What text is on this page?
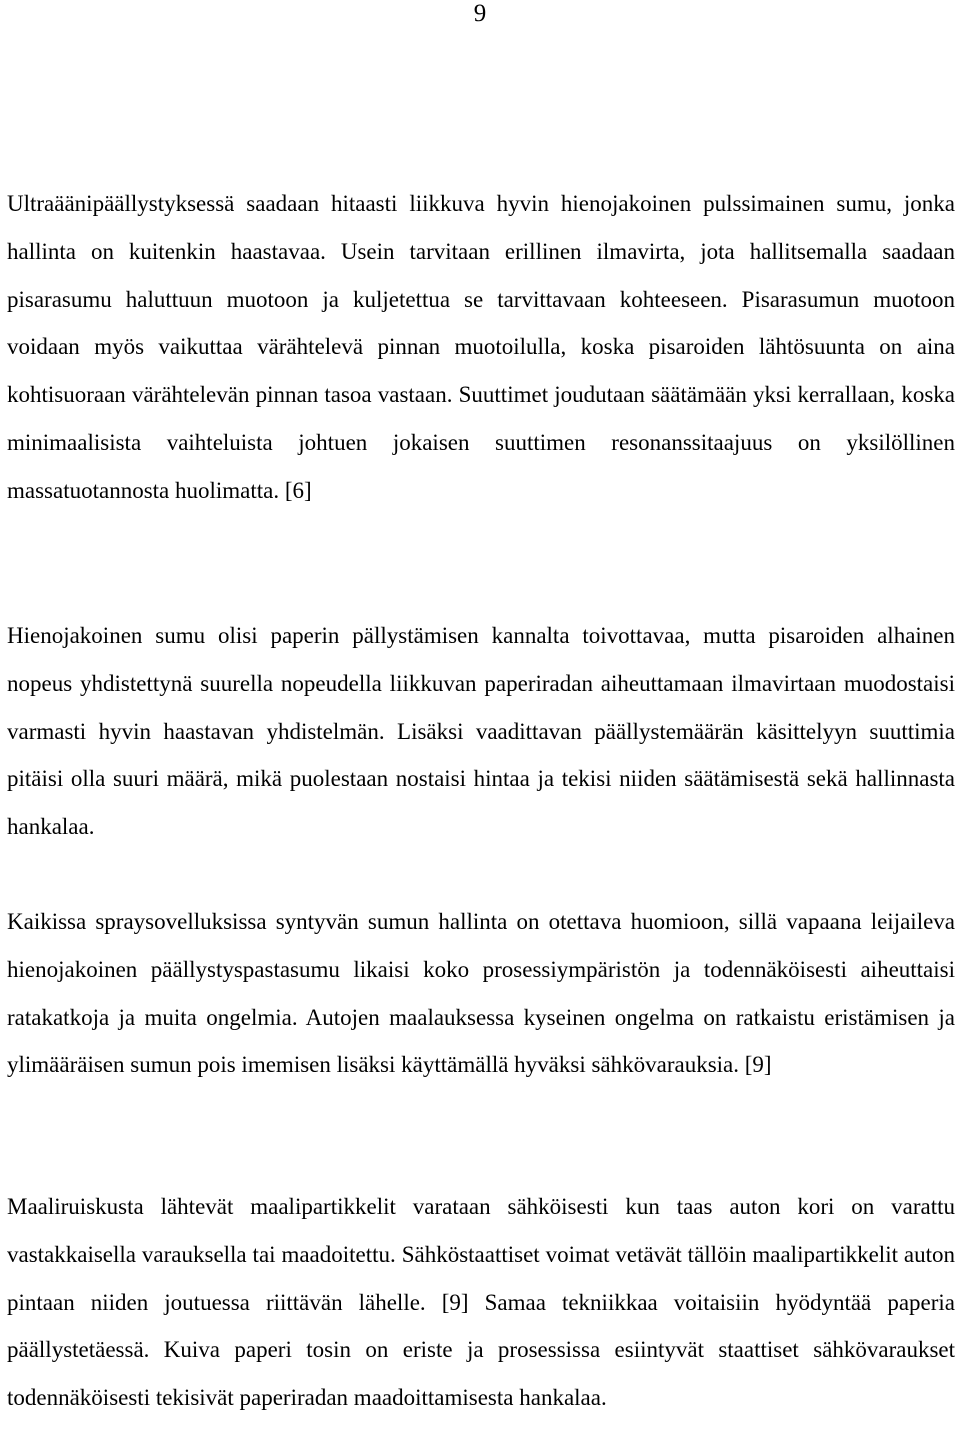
9

Ultraäänipäällystyksessä saadaan hitaasti liikkuva hyvin hienojakoinen pulssimainen sumu, jonka hallinta on kuitenkin haastavaa. Usein tarvitaan erillinen ilmavirta, jota hallitsemalla saadaan pisarasumu haluttuun muotoon ja kuljetettua se tarvittavaan kohteeseen. Pisarasumun muotoon voidaan myös vaikuttaa värähtelevä pinnan muotoilulla, koska pisaroiden lähtösuunta on aina kohtisuoraan värähtelevän pinnan tasoa vastaan. Suuttimet joudutaan säätämään yksi kerrallaan, koska minimaalisista vaihteluista johtuen jokaisen suuttimen resonanssitaajuus on yksilöllinen massatuotannosta huolimatta. [6]

Hienojakoinen sumu olisi paperin pällystämisen kannalta toivottavaa, mutta pisaroiden alhainen nopeus yhdistettynä suurella nopeudella liikkuvan paperiradan aiheuttamaan ilmavirtaan muodostaisi varmasti hyvin haastavan yhdistelmän. Lisäksi vaadittavan päällystemäärän käsittelyyn suuttimia pitäisi olla suuri määrä, mikä puolestaan nostaisi hintaa ja tekisi niiden säätämisestä sekä hallinnasta hankalaa.

Kaikissa spraysovelluksissa syntyvän sumun hallinta on otettava huomioon, sillä vapaana leijaileva hienojakoinen päällystyspastasumu likaisi koko prosessiympäristön ja todennäköisesti aiheuttaisi ratakatkoja ja muita ongelmia. Autojen maalauksessa kyseinen ongelma on ratkaistu eristämisen ja ylimääräisen sumun pois imemisen lisäksi käyttämällä hyväksi sähkövarauksia. [9]

Maaliruiskusta lähtevät maalipartikkelit varataan sähköisesti kun taas auton kori on varattu vastakkaisella varauksella tai maadoitettu. Sähköstaattiset voimat vetävät tällöin maalipartikkelit auton pintaan niiden joutuessa riittävän lähelle. [9] Samaa tekniikkaa voitaisiin hyödyntää paperia päällystetäessä. Kuiva paperi tosin on eriste ja prosessissa esiintyvät staattiset sähkövaraukset todennäköisesti tekisivät paperiradan maadoittamisesta hankalaa.
